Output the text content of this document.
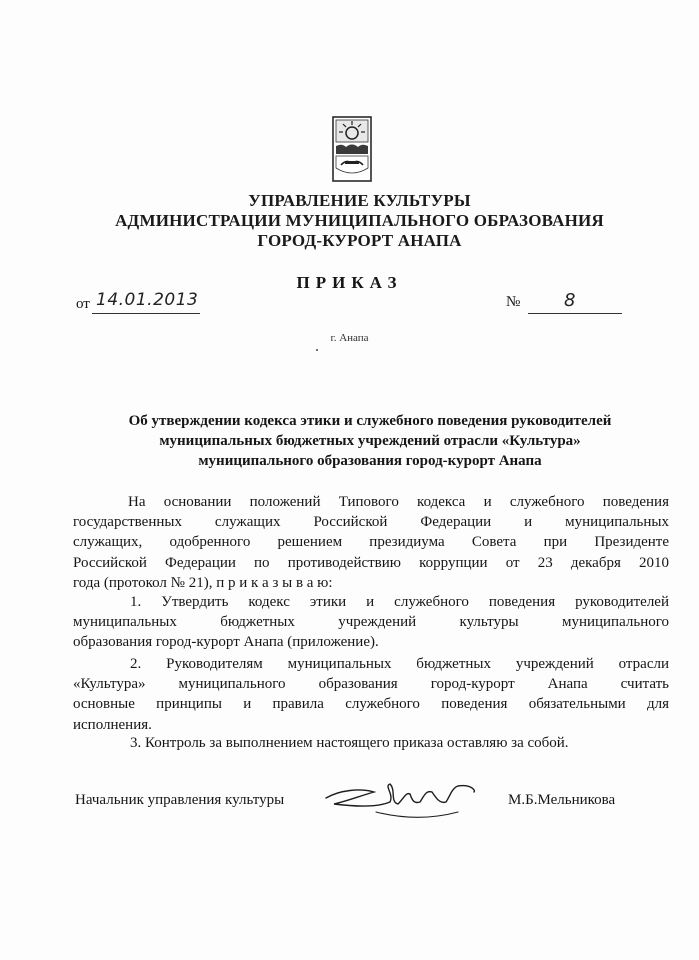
УПРАВЛЕНИЕ КУЛЬТУРЫ
АДМИНИСТРАЦИИ МУНИЦИПАЛЬНОГО ОБРАЗОВАНИЯ
ГОРОД-КУРОРТ АНАПА
ПРИКАЗ
от 14.01.2013	№ 8
г. Анапа
Об утверждении кодекса этики и служебного поведения руководителей
муниципальных бюджетных учреждений отрасли «Культура»
муниципального образования город-курорт Анапа
На основании положений Типового кодекса и служебного поведения
государственных служащих Российской Федерации и муниципальных
служащих, одобренного решением президиума Совета при Президенте
Российской Федерации по противодействию коррупции от 23 декабря 2010
года (протокол № 21), п р и к а з ы в а ю:
1. Утвердить кодекс этики и служебного поведения руководителей
муниципальных бюджетных учреждений культуры муниципального
образования город-курорт Анапа (приложение).
2. Руководителям муниципальных бюджетных учреждений отрасли
«Культура» муниципального образования город-курорт Анапа считать
основные принципы и правила служебного поведения обязательными для
исполнения.
3. Контроль за выполнением настоящего приказа оставляю за собой.
Начальник управления культуры	М.Б.Мельникова
